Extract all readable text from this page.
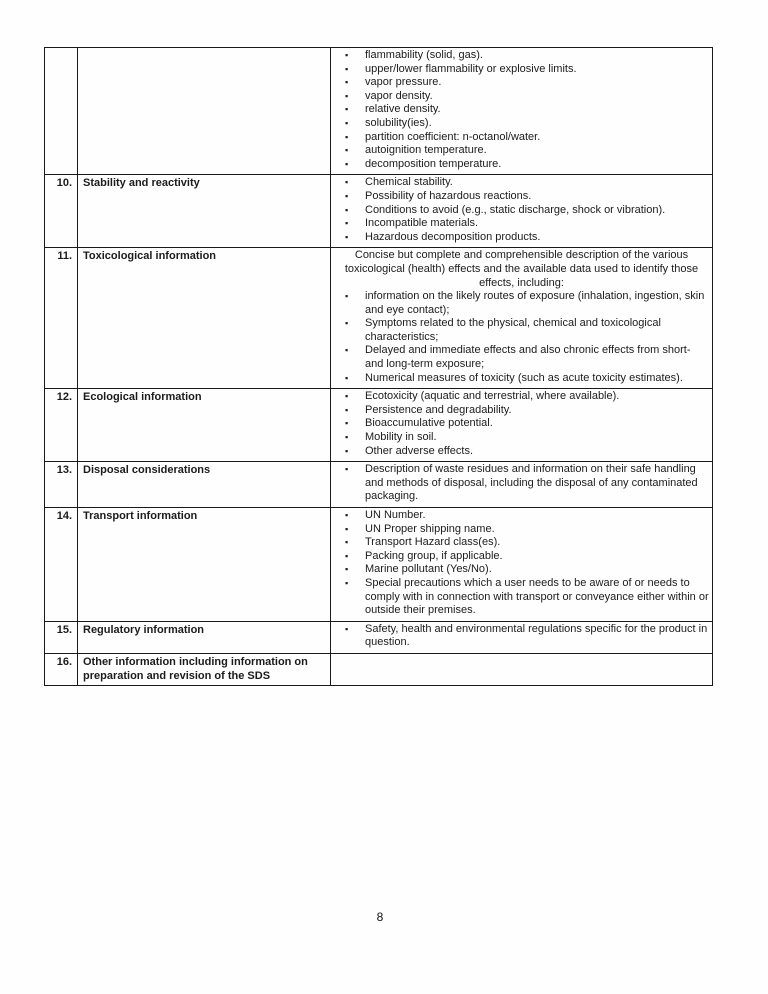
▪ flammability (solid, gas).
▪ upper/lower flammability or explosive limits.
▪ vapor pressure.
▪ vapor density.
▪ relative density.
▪ solubility(ies).
▪ partition coefficient: n-octanol/water.
▪ autoignition temperature.
▪ decomposition temperature.

10.	Stability and reactivity	▪ Chemical stability.
▪ Possibility of hazardous reactions.
▪ Conditions to avoid (e.g., static discharge, shock or vibration).
▪ Incompatible materials.
▪ Hazardous decomposition products.

11.	Toxicological information	Concise but complete and comprehensible description of the various toxicological (health) effects and the available data used to identify those effects, including:
▪ information on the likely routes of exposure (inhalation, ingestion, skin and eye contact);
▪ Symptoms related to the physical, chemical and toxicological characteristics;
▪ Delayed and immediate effects and also chronic effects from short- and long-term exposure;
▪ Numerical measures of toxicity (such as acute toxicity estimates).

12.	Ecological information	▪ Ecotoxicity (aquatic and terrestrial, where available).
▪ Persistence and degradability.
▪ Bioaccumulative potential.
▪ Mobility in soil.
▪ Other adverse effects.

13.	Disposal considerations	▪ Description of waste residues and information on their safe handling and methods of disposal, including the disposal of any contaminated packaging.

14.	Transport information	▪ UN Number.
▪ UN Proper shipping name.
▪ Transport Hazard class(es).
▪ Packing group, if applicable.
▪ Marine pollutant (Yes/No).
▪ Special precautions which a user needs to be aware of or needs to comply with in connection with transport or conveyance either within or outside their premises.

15.	Regulatory information	▪ Safety, health and environmental regulations specific for the product in question.

16.	Other information including information on preparation and revision of the SDS	
8
